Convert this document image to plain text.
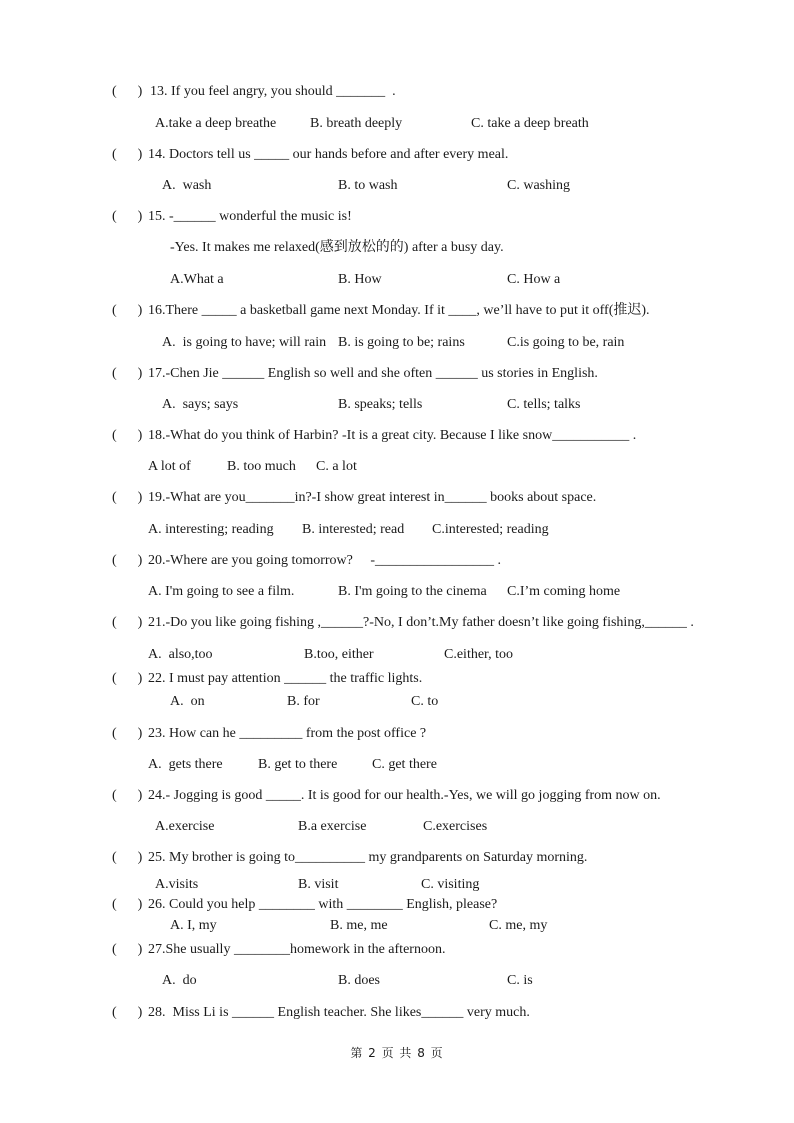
(      ) 13. If you feel angry, you should _______  .
A.take a deep breathe B. breath deeply	C. take a deep breath
(      ) 14. Doctors tell us _____ our hands before and after every meal.
A.  wash	B. to wash	C. washing
(      ) 15. -______ wonderful the music is!
-Yes. It makes me relaxed(感到放松的的) after a busy day.
A.What a	B. How	C. How a
(      ) 16.There _____ a basketball game next Monday. If it ____, we’ll have to put it off(推迟).
A.  is going to have; will rain B. is going to be; rains	C.is going to be, rain
(      ) 17.-Chen Jie ______ English so well and she often ______ us stories in English.
A.  says; says	B. speaks; tells	C. tells; talks
(      ) 18.-What do you think of Harbin? -It is a great city. Because I like snow___________ .
A lot of	B. too much C. a lot
(      ) 19.-What are you_______in?-I show great interest in______ books about space.
A. interesting; reading B. interested; read C.interested; reading
(      ) 20.-Where are you going tomorrow?     -_________________ .
A. I'm going to see a film.	B. I'm going to the cinema C.I’m coming home
(      ) 21.-Do you like going fishing ,______?-No, I don’t.My father doesn’t like going fishing,______ .
A.  also,too	B.too, either	C.either, too
(      ) 22. I must pay attention ______ the traffic lights.
A.  on	B. for	C. to
(      ) 23. How can he _________ from the post office ?
A.  gets there	B. get to there C. get there
(      ) 24.- Jogging is good _____. It is good for our health.-Yes, we will go jogging from now on.
A.exercise	B.a exercise	C.exercises
(      ) 25. My brother is going to__________ my grandparents on Saturday morning.
A.visits	B. visit	C. visiting
(      ) 26. Could you help ________ with ________ English, please?
A. I, my	B. me, me	C. me, my
(      ) 27.She usually ________homework in the afternoon.
A.  do	B. does	C. is
(      ) 28.  Miss Li is ______ English teacher. She likes______ very much.
第 2 页 共 8 页
